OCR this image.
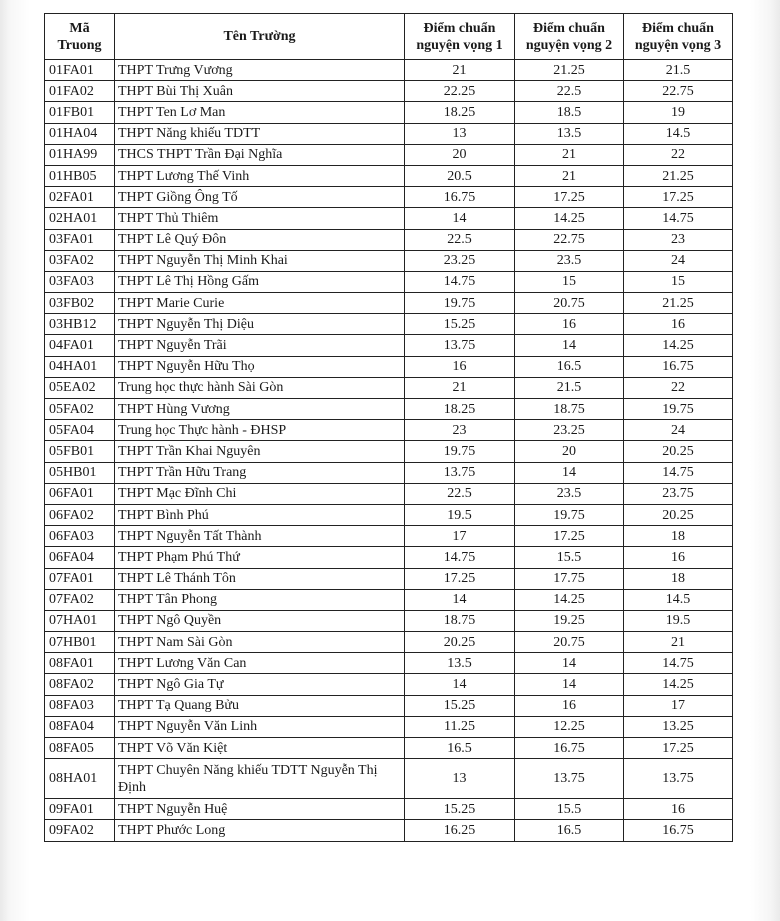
Mã Truong	Tên Trường	Điểm chuẩn nguyện vọng 1	Điểm chuẩn nguyện vọng 2	Điểm chuẩn nguyện vọng 3
01FA01	THPT Trưng Vương	21	21.25	21.5
01FA02	THPT Bùi Thị Xuân	22.25	22.5	22.75
01FB01	THPT Ten Lơ Man	18.25	18.5	19
01HA04	THPT Năng khiếu TDTT	13	13.5	14.5
01HA99	THCS THPT Trần Đại Nghĩa	20	21	22
01HB05	THPT Lương Thế Vinh	20.5	21	21.25
02FA01	THPT Giồng Ông Tố	16.75	17.25	17.25
02HA01	THPT Thủ Thiêm	14	14.25	14.75
03FA01	THPT Lê Quý Đôn	22.5	22.75	23
03FA02	THPT Nguyễn Thị Minh Khai	23.25	23.5	24
03FA03	THPT Lê Thị Hồng Gấm	14.75	15	15
03FB02	THPT Marie Curie	19.75	20.75	21.25
03HB12	THPT Nguyễn Thị Diệu	15.25	16	16
04FA01	THPT Nguyễn Trãi	13.75	14	14.25
04HA01	THPT Nguyễn Hữu Thọ	16	16.5	16.75
05EA02	Trung học thực hành Sài Gòn	21	21.5	22
05FA02	THPT Hùng Vương	18.25	18.75	19.75
05FA04	Trung học Thực hành - ĐHSP	23	23.25	24
05FB01	THPT Trần Khai Nguyên	19.75	20	20.25
05HB01	THPT Trần Hữu Trang	13.75	14	14.75
06FA01	THPT Mạc Đĩnh Chi	22.5	23.5	23.75
06FA02	THPT Bình Phú	19.5	19.75	20.25
06FA03	THPT Nguyễn Tất Thành	17	17.25	18
06FA04	THPT Phạm Phú Thứ	14.75	15.5	16
07FA01	THPT Lê Thánh Tôn	17.25	17.75	18
07FA02	THPT Tân Phong	14	14.25	14.5
07HA01	THPT Ngô Quyền	18.75	19.25	19.5
07HB01	THPT Nam Sài Gòn	20.25	20.75	21
08FA01	THPT Lương Văn Can	13.5	14	14.75
08FA02	THPT Ngô Gia Tự	14	14	14.25
08FA03	THPT Tạ Quang Bửu	15.25	16	17
08FA04	THPT Nguyễn Văn Linh	11.25	12.25	13.25
08FA05	THPT Võ Văn Kiệt	16.5	16.75	17.25
08HA01	THPT Chuyên Năng khiếu TDTT Nguyễn Thị Định	13	13.75	13.75
09FA01	THPT Nguyễn Huệ	15.25	15.5	16
09FA02	THPT Phước Long	16.25	16.5	16.75
